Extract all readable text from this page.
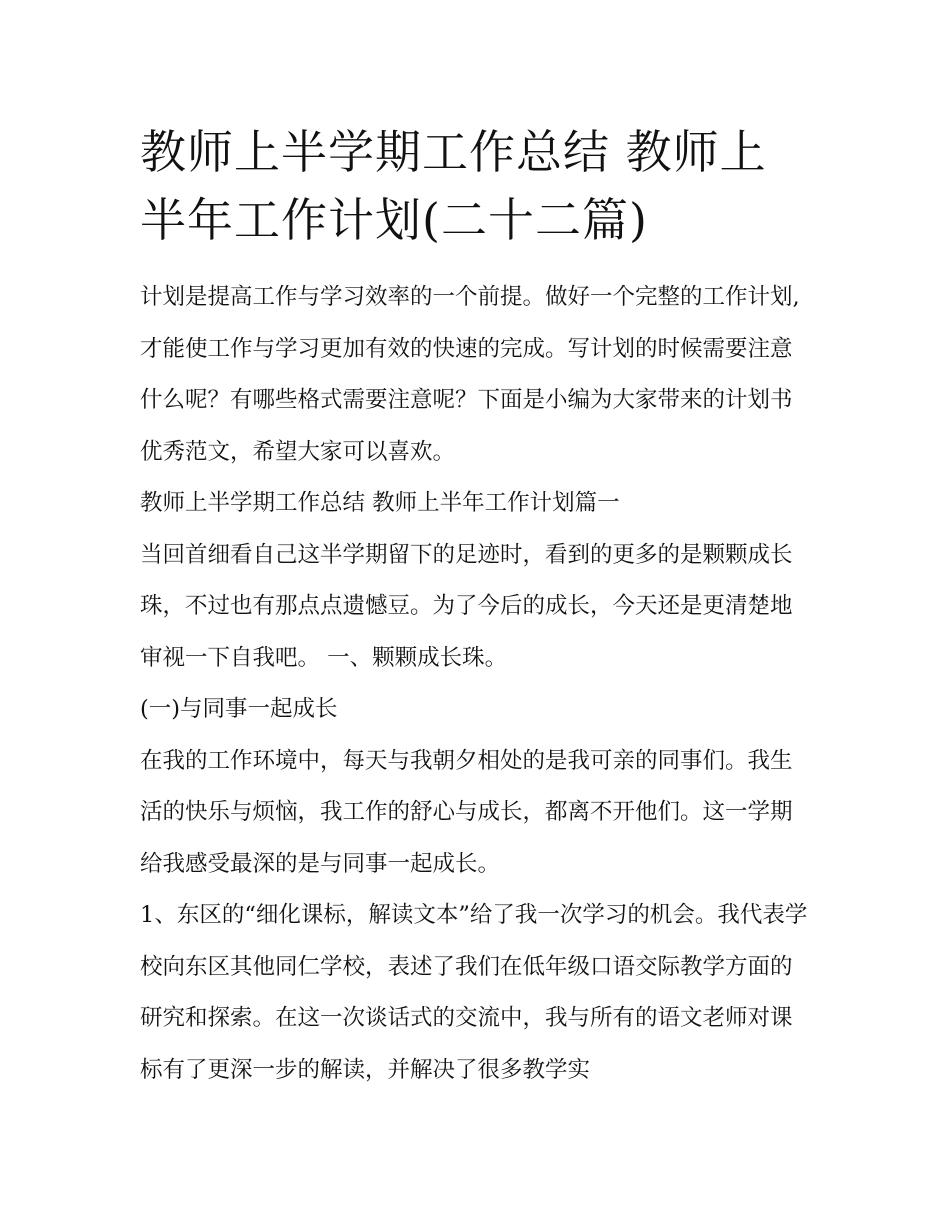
教师上半学期工作总结 教师上半年工作计划(二十二篇)

计划是提高工作与学习效率的一个前提。做好一个完整的工作计划,才能使工作与学习更加有效的快速的完成。写计划的时候需要注意什么呢？有哪些格式需要注意呢？下面是小编为大家带来的计划书优秀范文，希望大家可以喜欢。

教师上半学期工作总结 教师上半年工作计划篇一

当回首细看自己这半学期留下的足迹时，看到的更多的是颗颗成长珠，不过也有那点点遗憾豆。为了今后的成长，今天还是更清楚地审视一下自我吧。 一、颗颗成长珠。

(一)与同事一起成长

在我的工作环境中，每天与我朝夕相处的是我可亲的同事们。我生活的快乐与烦恼，我工作的舒心与成长，都离不开他们。这一学期给我感受最深的是与同事一起成长。

1、东区的“细化课标，解读文本”给了我一次学习的机会。我代表学校向东区其他同仁学校，表述了我们在低年级口语交际教学方面的研究和探索。在这一次谈话式的交流中，我与所有的语文老师对课标有了更深一步的解读，并解决了很多教学实
